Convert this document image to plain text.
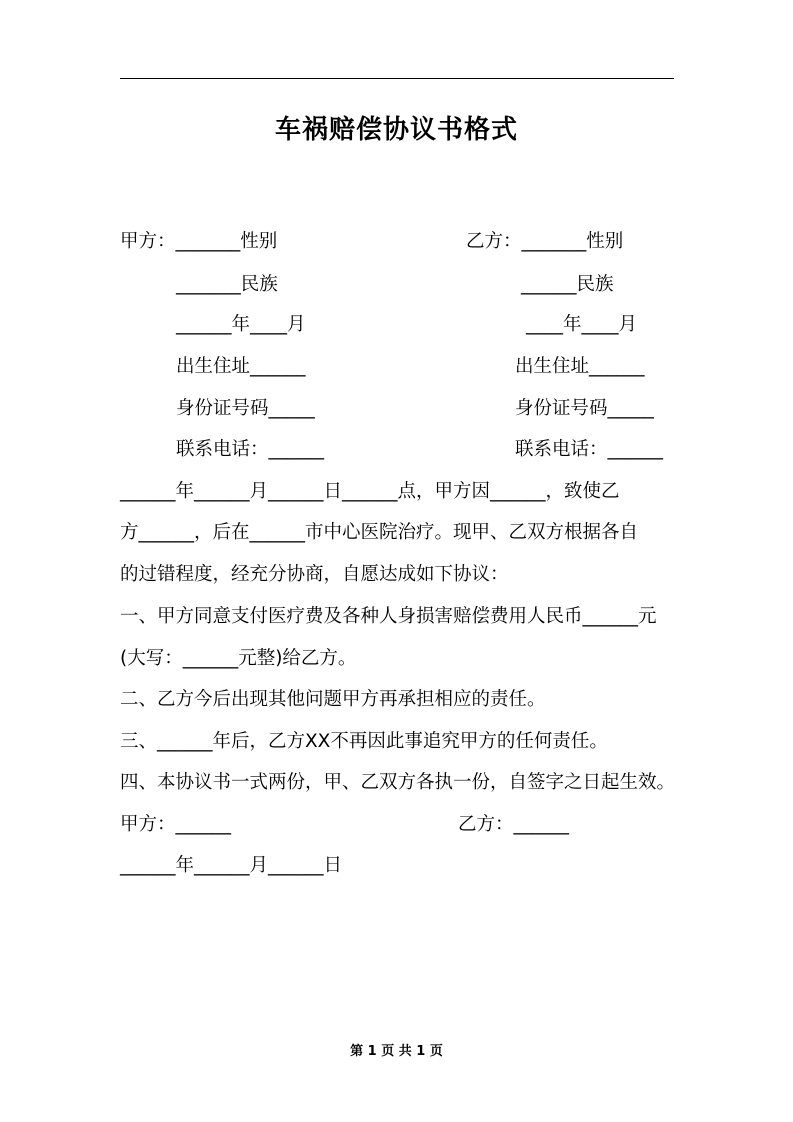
车祸赔偿协议书格式
甲方：_______性别	乙方：_______性别
_______民族	______民族
______年____月	____年____月
出生住址______	出生住址______
身份证号码_____	身份证号码_____
联系电话：______	联系电话：______
______年______月______日______点，甲方因______，致使乙
方______，后在______市中心医院治疗。现甲、乙双方根据各自
的过错程度，经充分协商，自愿达成如下协议：
一、甲方同意支付医疗费及各种人身损害赔偿费用人民币______元
(大写：______元整)给乙方。
二、乙方今后出现其他问题甲方再承担相应的责任。
三、______年后，乙方XX不再因此事追究甲方的任何责任。
四、本协议书一式两份，甲、乙双方各执一份，自签字之日起生效。
甲方：______	乙方：______
______年______月______日
第 1 页 共 1 页
